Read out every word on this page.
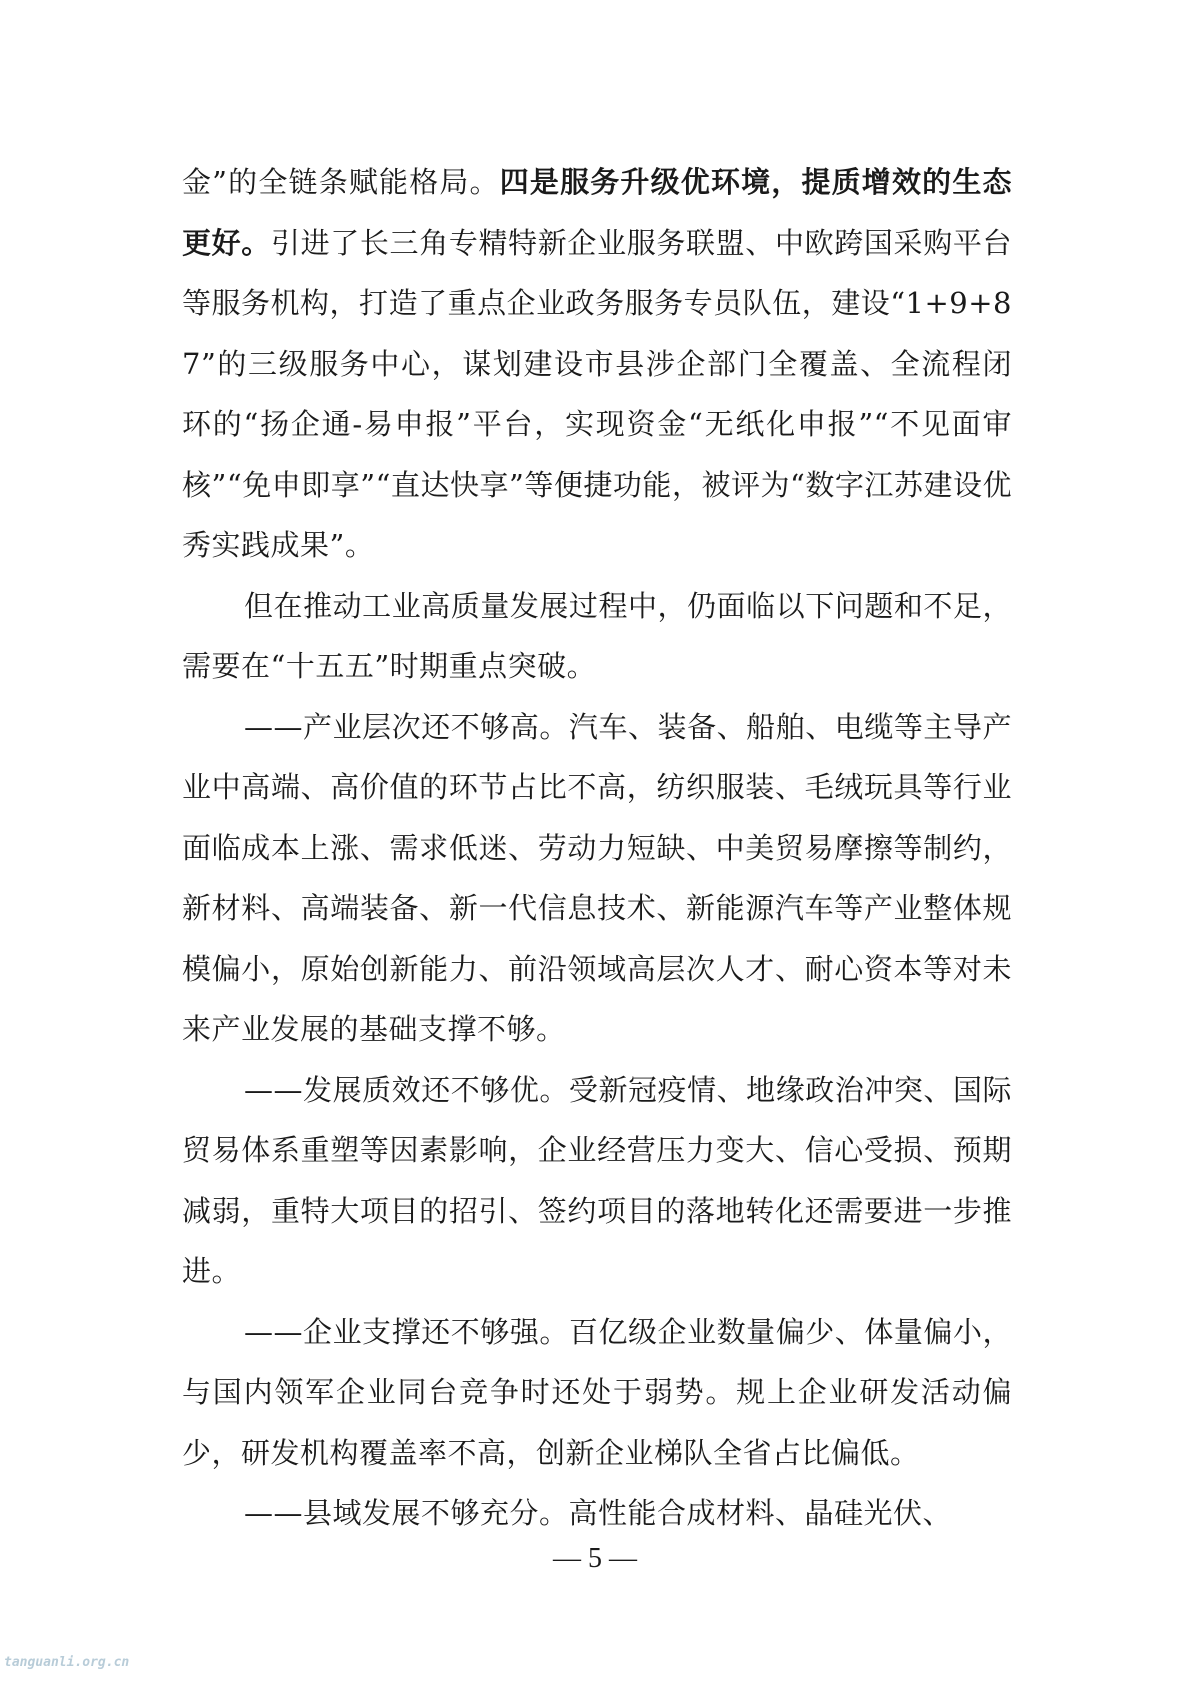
金”的全链条赋能格局。四是服务升级优环境，提质增效的生态更好。引进了长三角专精特新企业服务联盟、中欧跨国采购平台等服务机构，打造了重点企业政务服务专员队伍，建设“1+9+87”的三级服务中心，谋划建设市县涉企部门全覆盖、全流程闭环的“扬企通-易申报”平台，实现资金“无纸化申报”“不见面审核”“免申即享”“直达快享”等便捷功能，被评为“数字江苏建设优秀实践成果”。

但在推动工业高质量发展过程中，仍面临以下问题和不足，需要在“十五五”时期重点突破。

——产业层次还不够高。汽车、装备、船舶、电缆等主导产业中高端、高价值的环节占比不高，纺织服装、毛绒玩具等行业面临成本上涨、需求低迷、劳动力短缺、中美贸易摩擦等制约，新材料、高端装备、新一代信息技术、新能源汽车等产业整体规模偏小，原始创新能力、前沿领域高层次人才、耐心资本等对未来产业发展的基础支撑不够。

——发展质效还不够优。受新冠疫情、地缘政治冲突、国际贸易体系重塑等因素影响，企业经营压力变大、信心受损、预期减弱，重特大项目的招引、签约项目的落地转化还需要进一步推进。

——企业支撑还不够强。百亿级企业数量偏少、体量偏小，与国内领军企业同台竞争时还处于弱势。规上企业研发活动偏少，研发机构覆盖率不高，创新企业梯队全省占比偏低。

——县域发展不够充分。高性能合成材料、晶硅光伏、

— 5 —
tanguanli.org.cn
